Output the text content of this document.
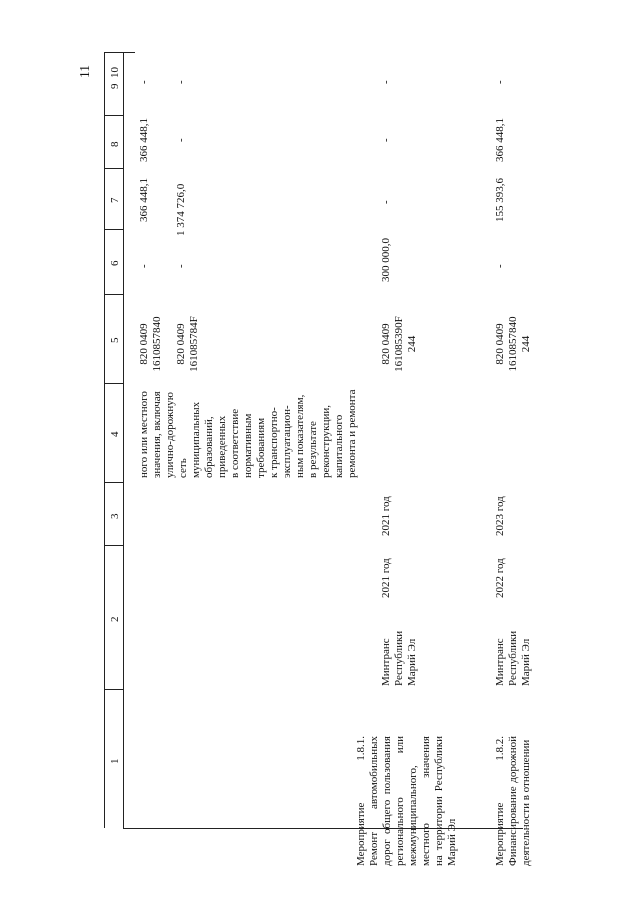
11
1
2
3
4
5
6
7
8
9
10
ного или местного значения, включая улично-дорожную сеть муниципальных образований, приведенных в соответствие нормативным требованиям к транспортно- эксплуатацион- ным показателям, в результате реконструкции, капитального ремонта и ремонта
820 0409 1610857840 820 0409 161085784F
- -
366 448,1 1 374 726,0
366 448,1 -
- -
Мероприятие 1.8.1. Ремонт автомобильных дорог общего пользования регионального или межмуниципального, местного значения на территории Республики Марий Эл
Минтранс Республики Марий Эл
2021 год
2021 год
820 0409 161085390F 244
300 000,0
-
-
-
Мероприятие 1.8.2. Финансирование дорожной деятельности в отношении
Минтранс Республики Марий Эл
2022 год
2023 год
820 0409 1610857840 244
-
155 393,6
366 448,1
-
